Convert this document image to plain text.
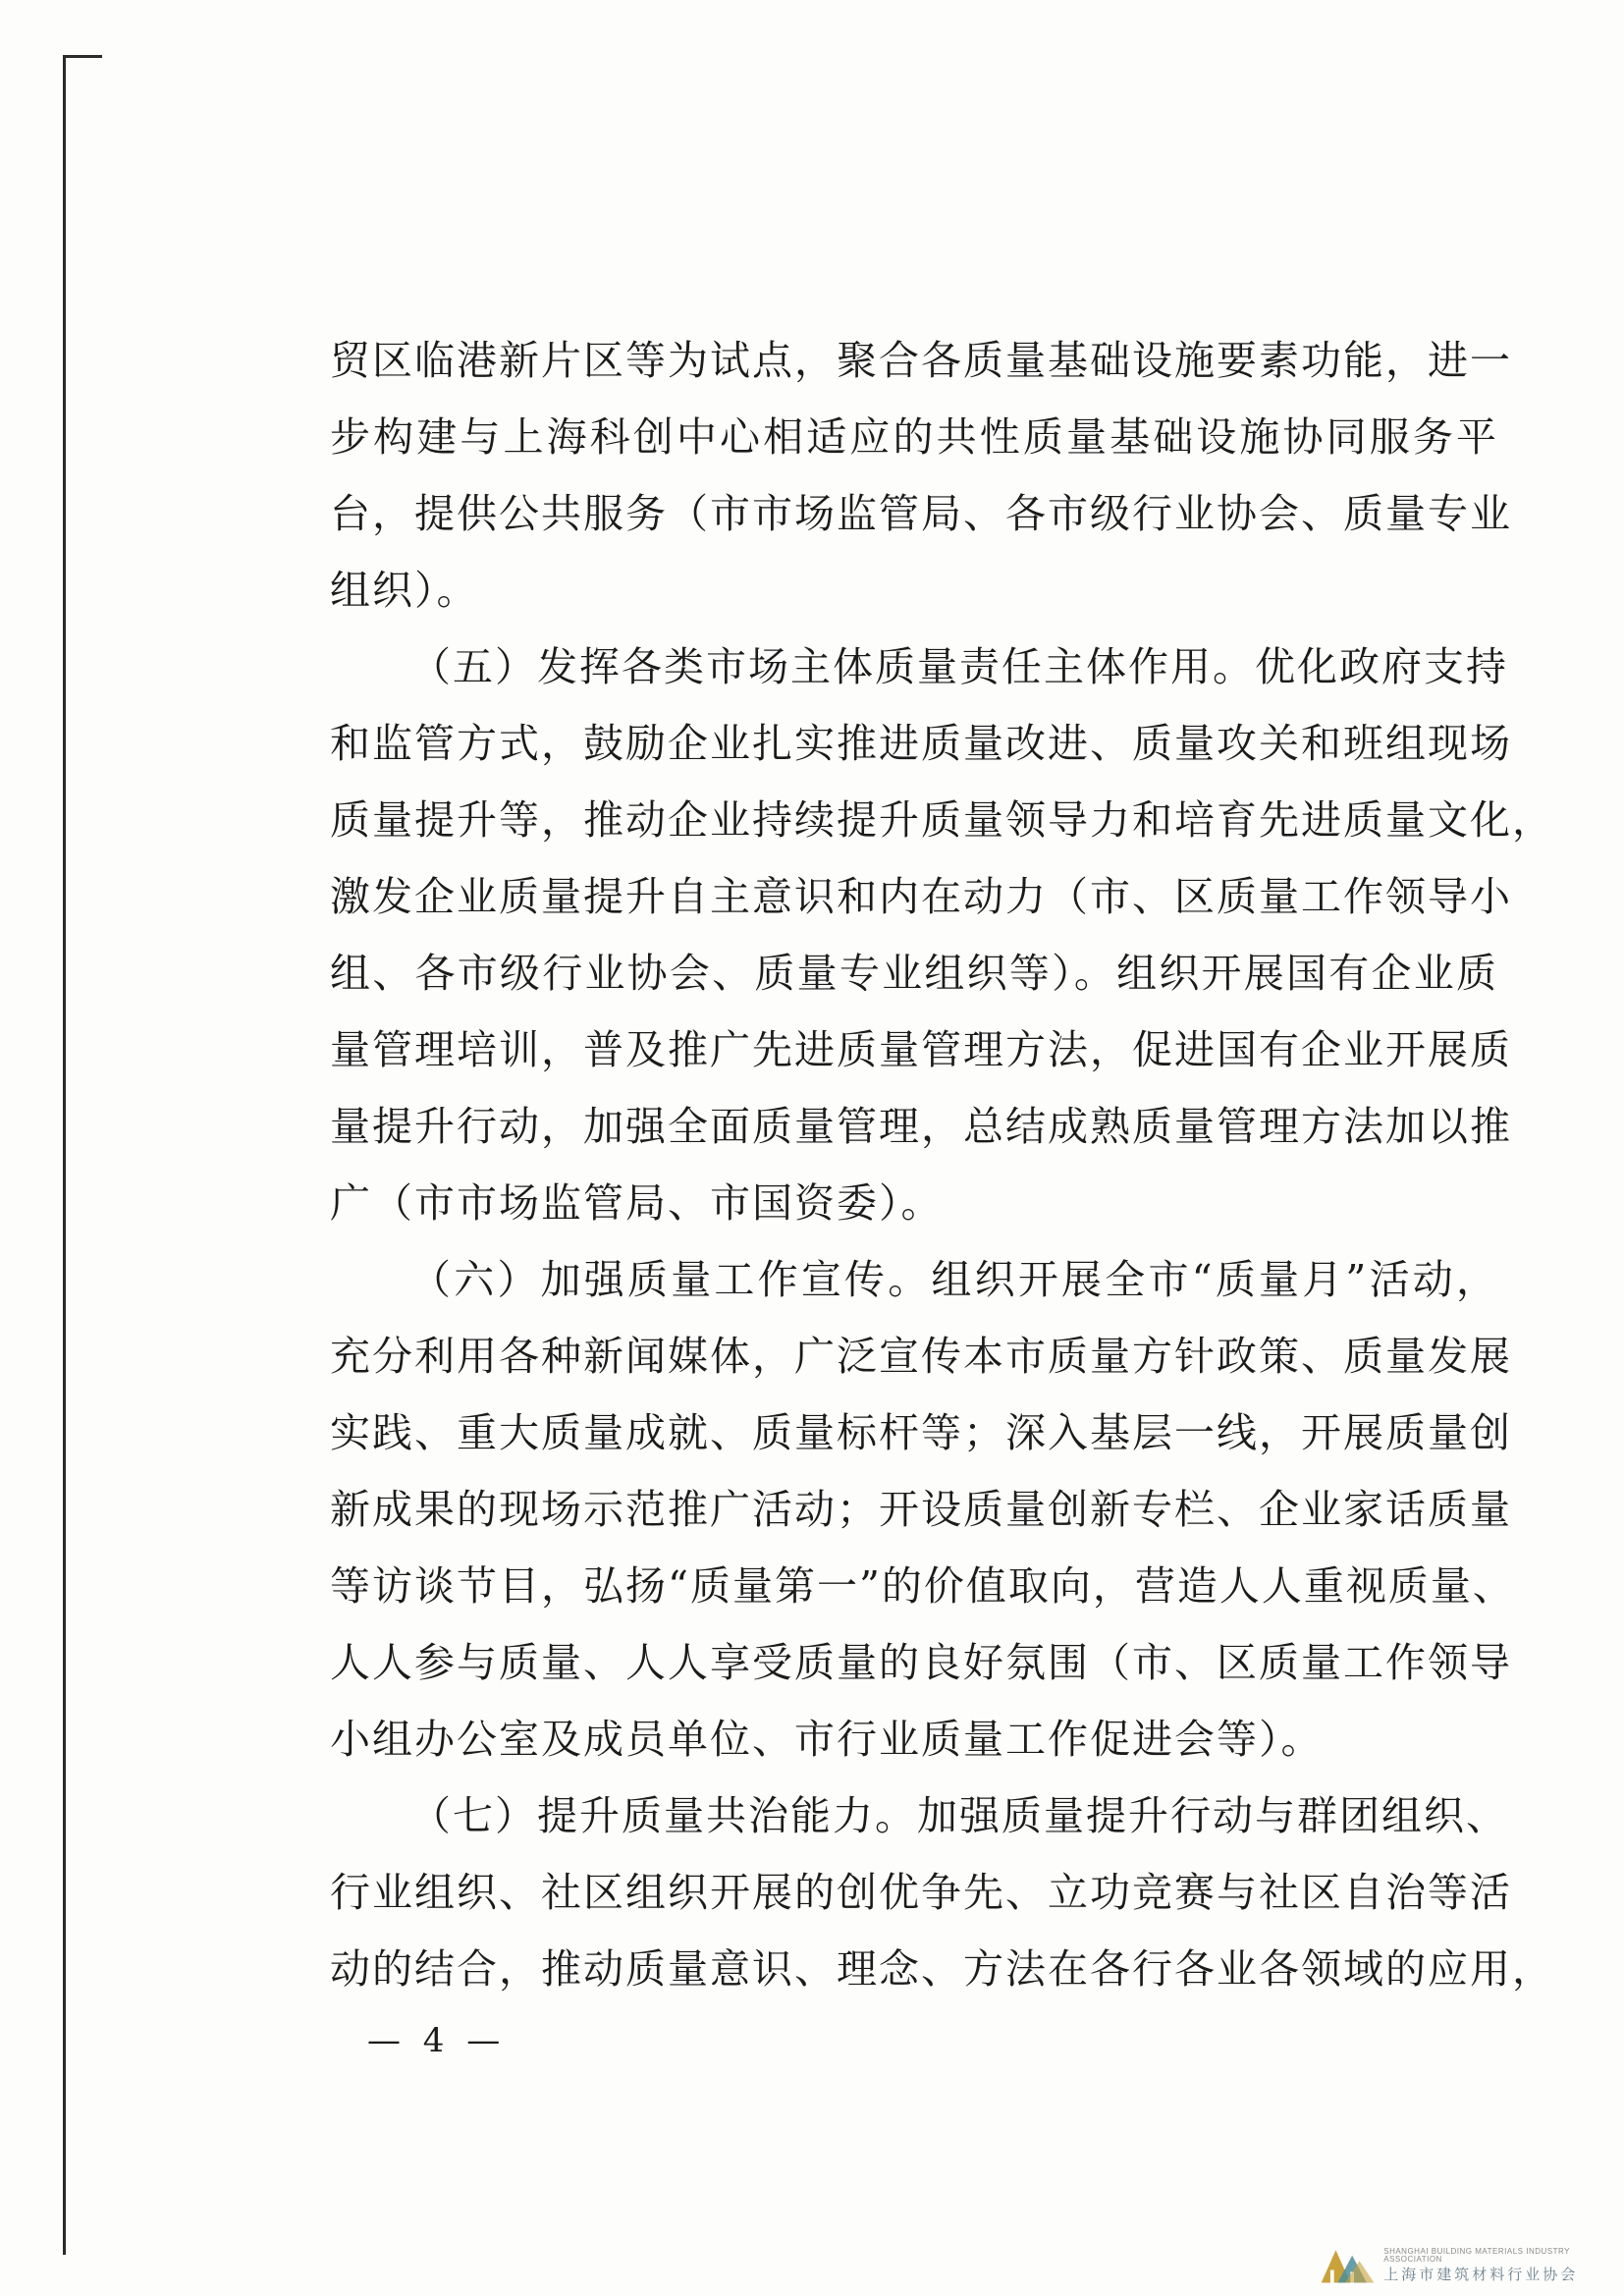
贸区临港新片区等为试点，聚合各质量基础设施要素功能，进一
步构建与上海科创中心相适应的共性质量基础设施协同服务平
台，提供公共服务（市市场监管局、各市级行业协会、质量专业
组织）。
（五）发挥各类市场主体质量责任主体作用。优化政府支持
和监管方式，鼓励企业扎实推进质量改进、质量攻关和班组现场
质量提升等，推动企业持续提升质量领导力和培育先进质量文化，
激发企业质量提升自主意识和内在动力（市、区质量工作领导小
组、各市级行业协会、质量专业组织等）。组织开展国有企业质
量管理培训，普及推广先进质量管理方法，促进国有企业开展质
量提升行动，加强全面质量管理，总结成熟质量管理方法加以推
广（市市场监管局、市国资委）。
（六）加强质量工作宣传。组织开展全市“质量月”活动，
充分利用各种新闻媒体，广泛宣传本市质量方针政策、质量发展
实践、重大质量成就、质量标杆等；深入基层一线，开展质量创
新成果的现场示范推广活动；开设质量创新专栏、企业家话质量
等访谈节目，弘扬“质量第一”的价值取向，营造人人重视质量、
人人参与质量、人人享受质量的良好氛围（市、区质量工作领导
小组办公室及成员单位、市行业质量工作促进会等）。
（七）提升质量共治能力。加强质量提升行动与群团组织、
行业组织、社区组织开展的创优争先、立功竞赛与社区自治等活
动的结合，推动质量意识、理念、方法在各行各业各领域的应用，
— 4 —
SHANGHAI BUILDING MATERIALS INDUSTRY ASSOCIATION
上海市建筑材料行业协会
